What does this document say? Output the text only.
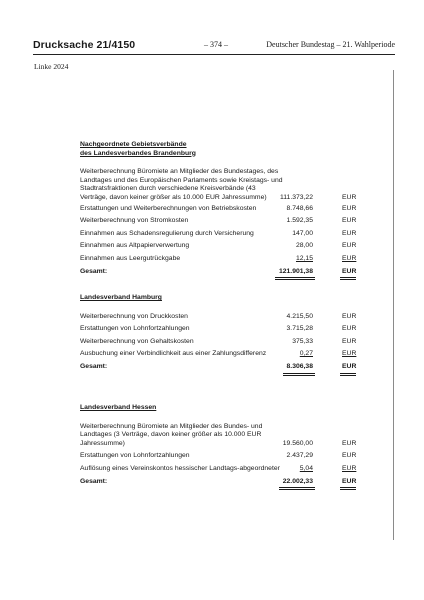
Drucksache 21/4150	– 374 –	Deutscher Bundestag – 21. Wahlperiode
Linke 2024

Nachgeordnete Gebietsverbände
des Landesverbandes Brandenburg

Weiterberechnung Büromiete an Mitglieder des Bundestages, des Landtages und des Europäischen Parlaments sowie Kreistags- und Stadtratsfraktionen durch verschiedene Kreisverbände (43 Verträge, davon keiner größer als 10.000 EUR Jahressumme)	111.373,22	EUR
Erstattungen und Weiterberechnungen von Betriebskosten	8.748,66	EUR
Weiterberechnung von Stromkosten	1.592,35	EUR
Einnahmen aus Schadensregulierung durch Versicherung	147,00	EUR
Einnahmen aus Altpapierverwertung	28,00	EUR
Einnahmen aus Leergutrückgabe	12,15	EUR
Gesamt:	121.901,38	EUR

Landesverband Hamburg

Weiterberechnung von Druckkosten	4.215,50	EUR
Erstattungen von Lohnfortzahlungen	3.715,28	EUR
Weiterberechnung von Gehaltskosten	375,33	EUR
Ausbuchung einer Verbindlichkeit aus einer Zahlungsdifferenz	0,27	EUR
Gesamt:	8.306,38	EUR

Landesverband Hessen

Weiterberechnung Büromiete an Mitglieder des Bundes- und Landtages (3 Verträge, davon keiner größer als 10.000 EUR Jahressumme)	19.560,00	EUR
Erstattungen von Lohnfortzahlungen	2.437,29	EUR
Auflösung eines Vereinskontos hessischer Landtags-abgeordneter	5,04	EUR
Gesamt:	22.002,33	EUR
